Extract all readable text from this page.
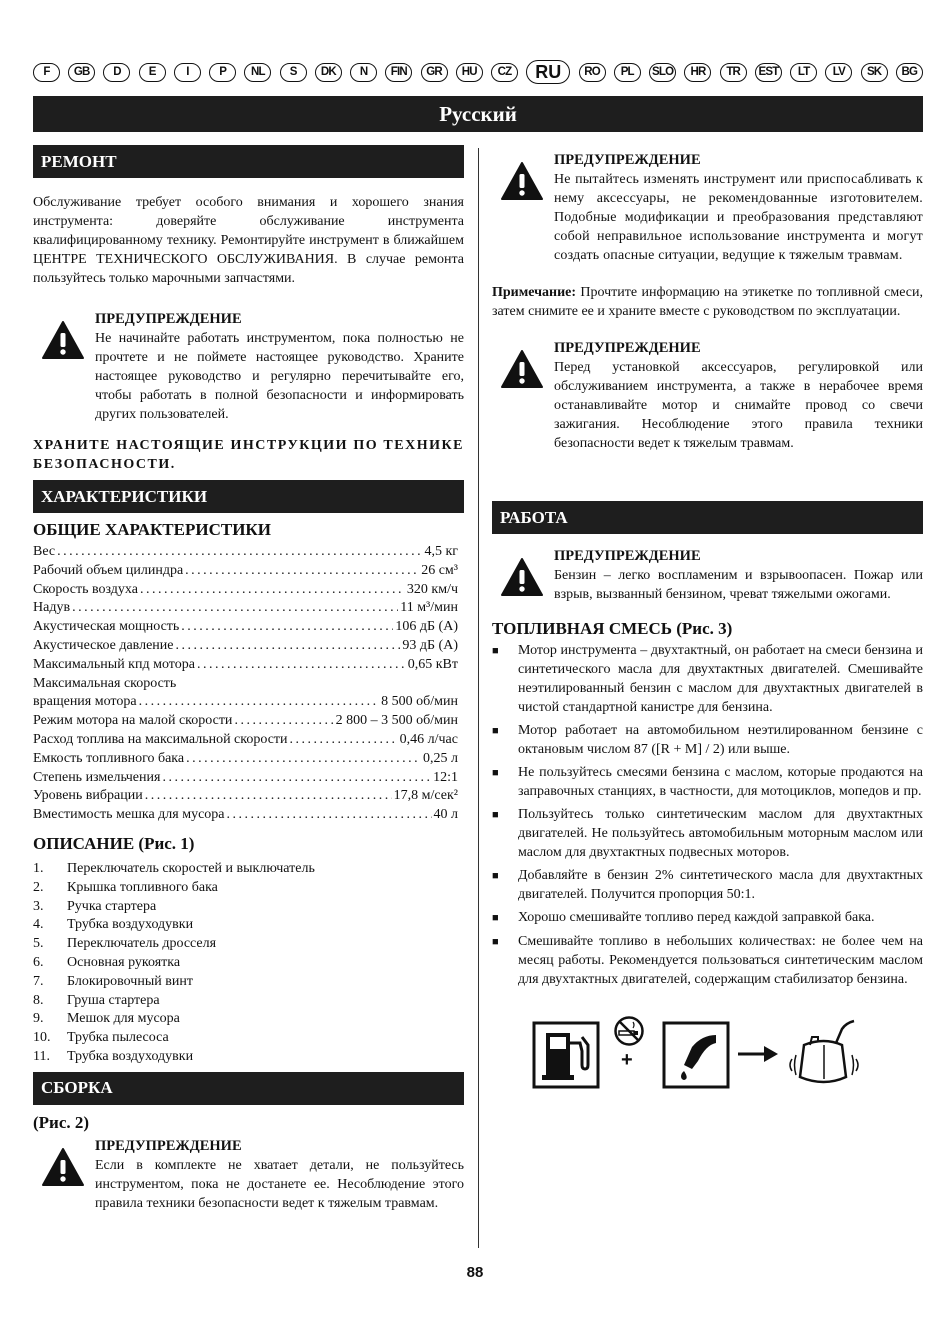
F	GB	D	E	I	P	NL	S	DK	N	FIN	GR	HU	CZ	RU	RO	PL	SLO	HR	TR	EST	LT	LV	SK	BG
Русский
РЕМОНТ

Обслуживание требует особого внимания и хорошего знания инструмента: доверяйте обслуживание инструмента квалифицированному технику. Ремонтируйте инструмент в ближайшем ЦЕНТРЕ ТЕХНИЧЕСКОГО ОБСЛУЖИВАНИЯ. В случае ремонта пользуйтесь только марочными запчастями.

ПРЕДУПРЕЖДЕНИЕ

Не начинайте работать инструментом, пока полностью не прочтете и не поймете настоящее руководство. Храните настоящее руководство и регулярно перечитывайте его, чтобы работать в полной безопасности и информировать других пользователей.

ХРАНИТЕ НАСТОЯЩИЕ ИНСТРУКЦИИ ПО ТЕХНИКЕ БЕЗОПАСНОСТИ.
ХАРАКТЕРИСТИКИ
ОБЩИЕ ХАРАКТЕРИСТИКИ
Вес . . .	4,5 кг
Рабочий объем цилиндра . . .	26 см³
Скорость воздуха . . .	320 км/ч
Надув . . .	11 м³/мин
Акустическая мощность . . .	106 дБ (A)
Акустическое давление . . .	93 дБ (A)
Максимальный кпд мотора . . .	0,65 кВт
Максимальная скорость
вращения мотора . . .	8 500 об/мин
Режим мотора на малой скорости . . .	2 800 – 3 500 об/мин
Расход топлива на максимальной скорости . . .	0,46 л/час
Емкость топливного бака . . .	0,25 л
Степень измельчения . . .	12:1
Уровень вибрации . . .	17,8 м/сек²
Вместимость мешка для мусора . . .	40 л
ОПИСАНИЕ (Рис. 1)
1.	Переключатель скоростей и выключатель
2.	Крышка топливного бака
3.	Ручка стартера
4.	Трубка воздуходувки
5.	Переключатель дросселя
6.	Основная рукоятка
7.	Блокировочный винт
8.	Груша стартера
9.	Мешок для мусора
10.	Трубка пылесоса
11.	Трубка воздуходувки
СБОРКА
(Рис. 2)
ПРЕДУПРЕЖДЕНИЕ

Если в комплекте не хватает детали, не пользуйтесь инструментом, пока не достанете ее. Несоблюдение этого правила техники безопасности ведет к тяжелым травмам.

ПРЕДУПРЕЖДЕНИЕ

Не пытайтесь изменять инструмент или приспосабливать к нему аксессуары, не рекомендованные изготовителем. Подобные модификации и преобразования представляют собой неправильное использование инструмента и могут создать опасные ситуации, ведущие к тяжелым травмам.

Примечание: Прочтите информацию на этикетке по топливной смеси, затем снимите ее и храните вместе с руководством по эксплуатации.

ПРЕДУПРЕЖДЕНИЕ

Перед установкой аксессуаров, регулировкой или обслуживанием инструмента, а также в нерабочее время останавливайте мотор и снимайте провод со свечи зажигания. Несоблюдение этого правила техники безопасности ведет к тяжелым травмам.

РАБОТА
ПРЕДУПРЕЖДЕНИЕ

Бензин – легко воспламеним и взрывоопасен. Пожар или взрыв, вызванный бензином, чреват тяжелыми ожогами.

ТОПЛИВНАЯ СМЕСЬ (Рис. 3)
■	Мотор инструмента – двухтактный, он работает на смеси бензина и синтетического масла для двухтактных двигателей. Смешивайте неэтилированный бензин с маслом для двухтактных двигателей в чистой стандартной канистре для бензина.
■	Мотор работает на автомобильном неэтилированном бензине с октановым числом 87 ([R + M] / 2) или выше.
■	Не пользуйтесь смесями бензина с маслом, которые продаются на заправочных станциях, в частности, для мотоциклов, мопедов и пр.
■	Пользуйтесь только синтетическим маслом для двухтактных двигателей. Не пользуйтесь автомобильным моторным маслом или маслом для двухтактных подвесных моторов.
■	Добавляйте в бензин 2% синтетического масла для двухтактных двигателей. Получится пропорция 50:1.
■	Хорошо смешивайте топливо перед каждой заправкой бака.
■	Смешивайте топливо в небольших количествах: не более чем на месяц работы. Рекомендуется пользоваться синтетическим маслом для двухтактных двигателей, содержащим стабилизатор бензина.
+
88
